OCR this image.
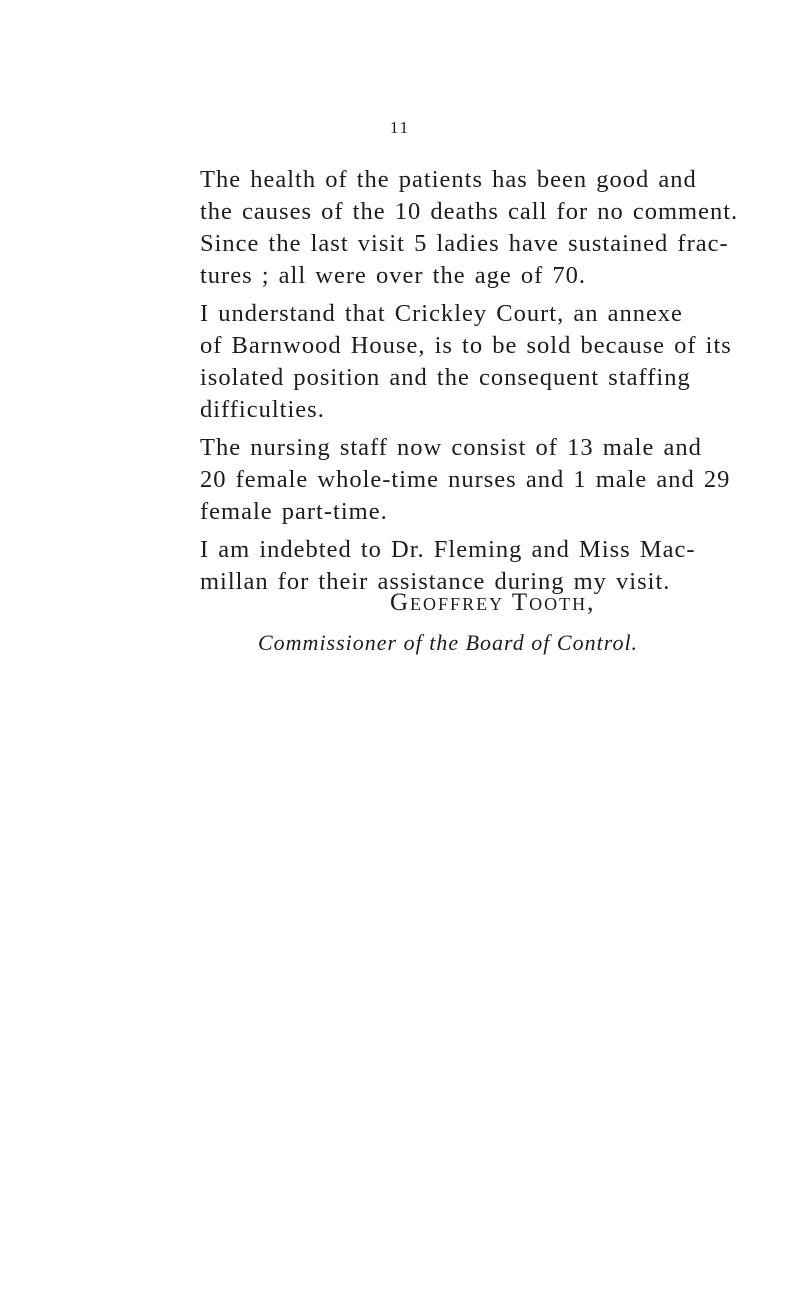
11

The health of the patients has been good and
the causes of the 10 deaths call for no comment.
Since the last visit 5 ladies have sustained frac-
tures ; all were over the age of 70.

I understand that Crickley Court, an annexe
of Barnwood House, is to be sold because of its
isolated position and the consequent staffing
difficulties.

The nursing staff now consist of 13 male and
20 female whole-time nurses and 1 male and 29
female part-time.

I am indebted to Dr. Fleming and Miss Mac-
millan for their assistance during my visit.

Geoffrey Tooth,
Commissioner of the Board of Control.
